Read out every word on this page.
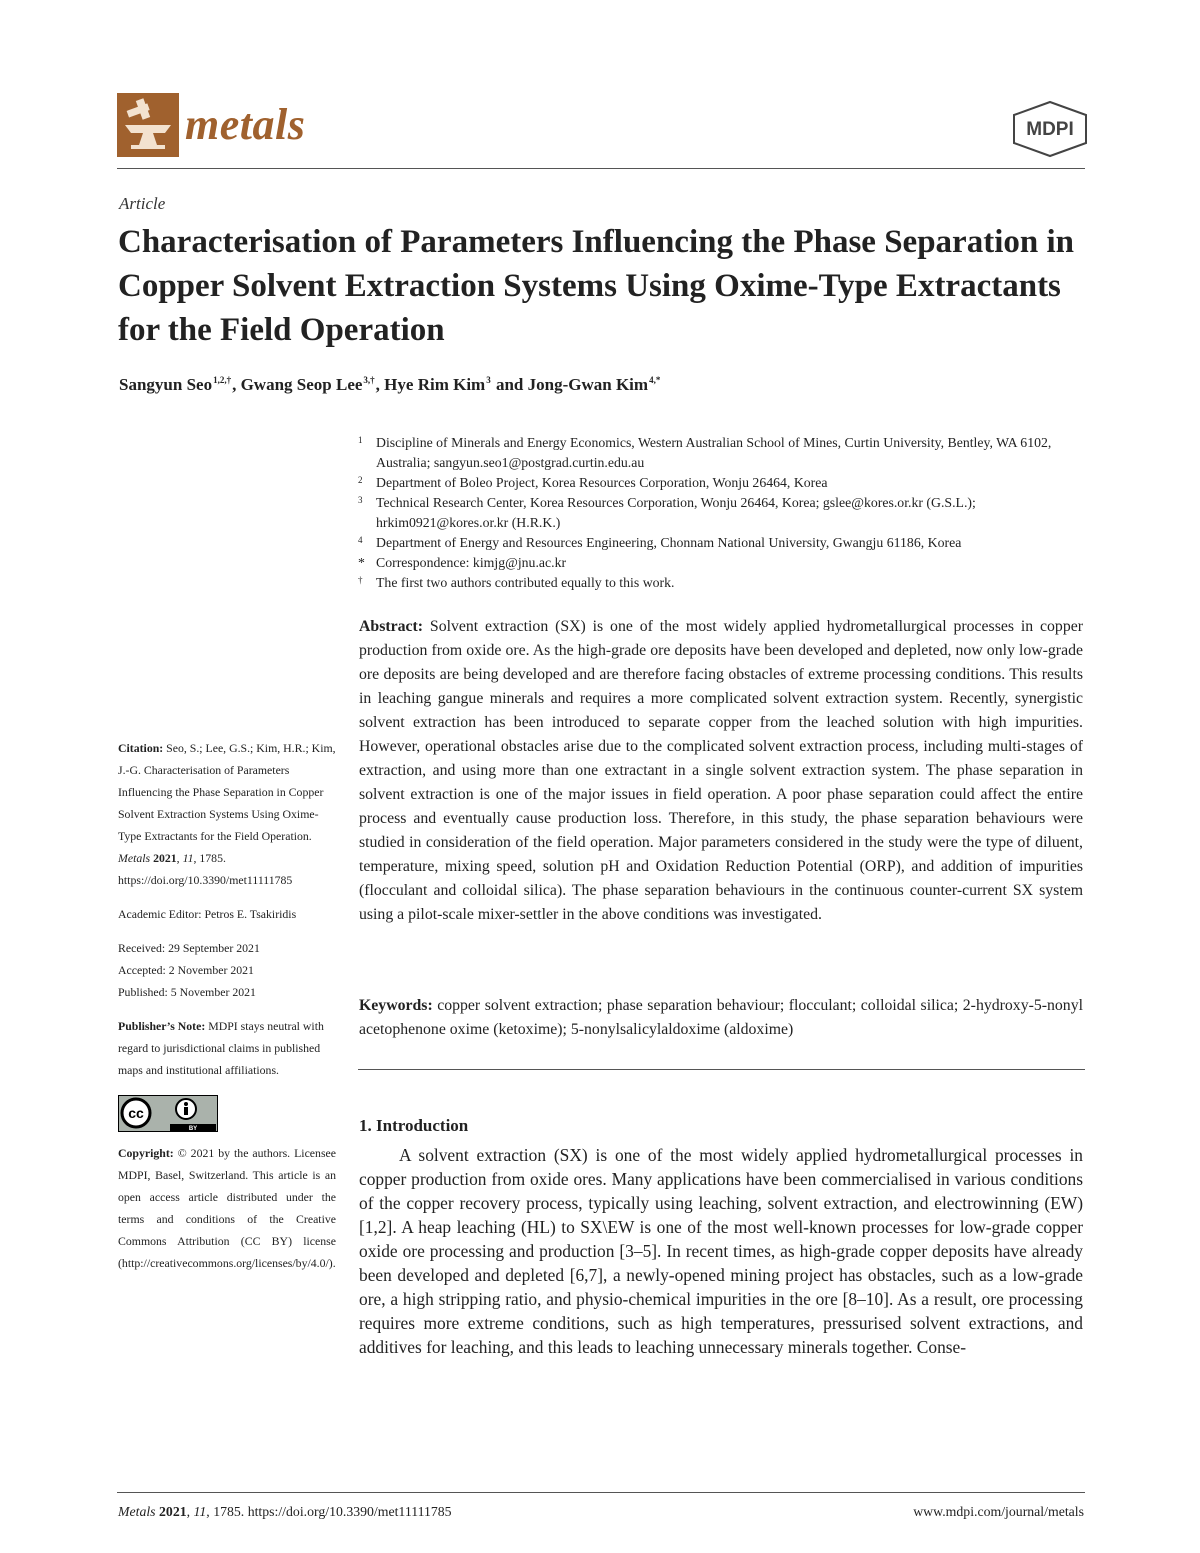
metals	MDPI
Article
Characterisation of Parameters Influencing the Phase Separation in Copper Solvent Extraction Systems Using Oxime-Type Extractants for the Field Operation
Sangyun Seo$^{1,2,\dagger}$, Gwang Seop Lee$^{3,\dagger}$, Hye Rim Kim$^3$ and Jong-Gwan Kim$^{4,*}$
1 Discipline of Minerals and Energy Economics, Western Australian School of Mines, Curtin University, Bentley, WA 6102, Australia; sangyun.seo1@postgrad.curtin.edu.au
2 Department of Boleo Project, Korea Resources Corporation, Wonju 26464, Korea
3 Technical Research Center, Korea Resources Corporation, Wonju 26464, Korea; gslee@kores.or.kr (G.S.L.); hrkim0921@kores.or.kr (H.R.K.)
4 Department of Energy and Resources Engineering, Chonnam National University, Gwangju 61186, Korea
* Correspondence: kimjg@jnu.ac.kr
† The first two authors contributed equally to this work.
Abstract: Solvent extraction (SX) is one of the most widely applied hydrometallurgical processes in copper production from oxide ore. As the high-grade ore deposits have been developed and depleted, now only low-grade ore deposits are being developed and are therefore facing obstacles of extreme processing conditions. This results in leaching gangue minerals and requires a more complicated solvent extraction system. Recently, synergistic solvent extraction has been introduced to separate copper from the leached solution with high impurities. However, operational obstacles arise due to the complicated solvent extraction process, including multi-stages of extraction, and using more than one extractant in a single solvent extraction system. The phase separation in solvent extraction is one of the major issues in field operation. A poor phase separation could affect the entire process and eventually cause production loss. Therefore, in this study, the phase separation behaviours were studied in consideration of the field operation. Major parameters considered in the study were the type of diluent, temperature, mixing speed, solution pH and Oxidation Reduction Potential (ORP), and addition of impurities (flocculant and colloidal silica). The phase separation behaviours in the continuous counter-current SX system using a pilot-scale mixer-settler in the above conditions was investigated.
Keywords: copper solvent extraction; phase separation behaviour; flocculant; colloidal silica; 2-hydroxy-5-nonyl acetophenone oxime (ketoxime); 5-nonylsalicylaldoxime (aldoxime)
1. Introduction
A solvent extraction (SX) is one of the most widely applied hydrometallurgical processes in copper production from oxide ores. Many applications have been commercialised in various conditions of the copper recovery process, typically using leaching, solvent extraction, and electrowinning (EW) [1,2]. A heap leaching (HL) to SX\EW is one of the most well-known processes for low-grade copper oxide ore processing and production [3–5]. In recent times, as high-grade copper deposits have already been developed and depleted [6,7], a newly-opened mining project has obstacles, such as a low-grade ore, a high stripping ratio, and physio-chemical impurities in the ore [8–10]. As a result, ore processing requires more extreme conditions, such as high temperatures, pressurised solvent extractions, and additives for leaching, and this leads to leaching unnecessary minerals together. Conse-
Citation: Seo, S.; Lee, G.S.; Kim, H.R.; Kim, J.-G. Characterisation of Parameters Influencing the Phase Separation in Copper Solvent Extraction Systems Using Oxime-Type Extractants for the Field Operation. Metals 2021, 11, 1785. https://doi.org/10.3390/met11111785
Academic Editor: Petros E. Tsakiridis
Received: 29 September 2021
Accepted: 2 November 2021
Published: 5 November 2021
Publisher’s Note: MDPI stays neutral with regard to jurisdictional claims in published maps and institutional affiliations.
BY
cc
Copyright: © 2021 by the authors. Licensee MDPI, Basel, Switzerland. This article is an open access article distributed under the terms and conditions of the Creative Commons Attribution (CC BY) license (http://creativecommons.org/licenses/by/4.0/).
Metals 2021, 11, 1785. https://doi.org/10.3390/met11111785	www.mdpi.com/journal/metals
